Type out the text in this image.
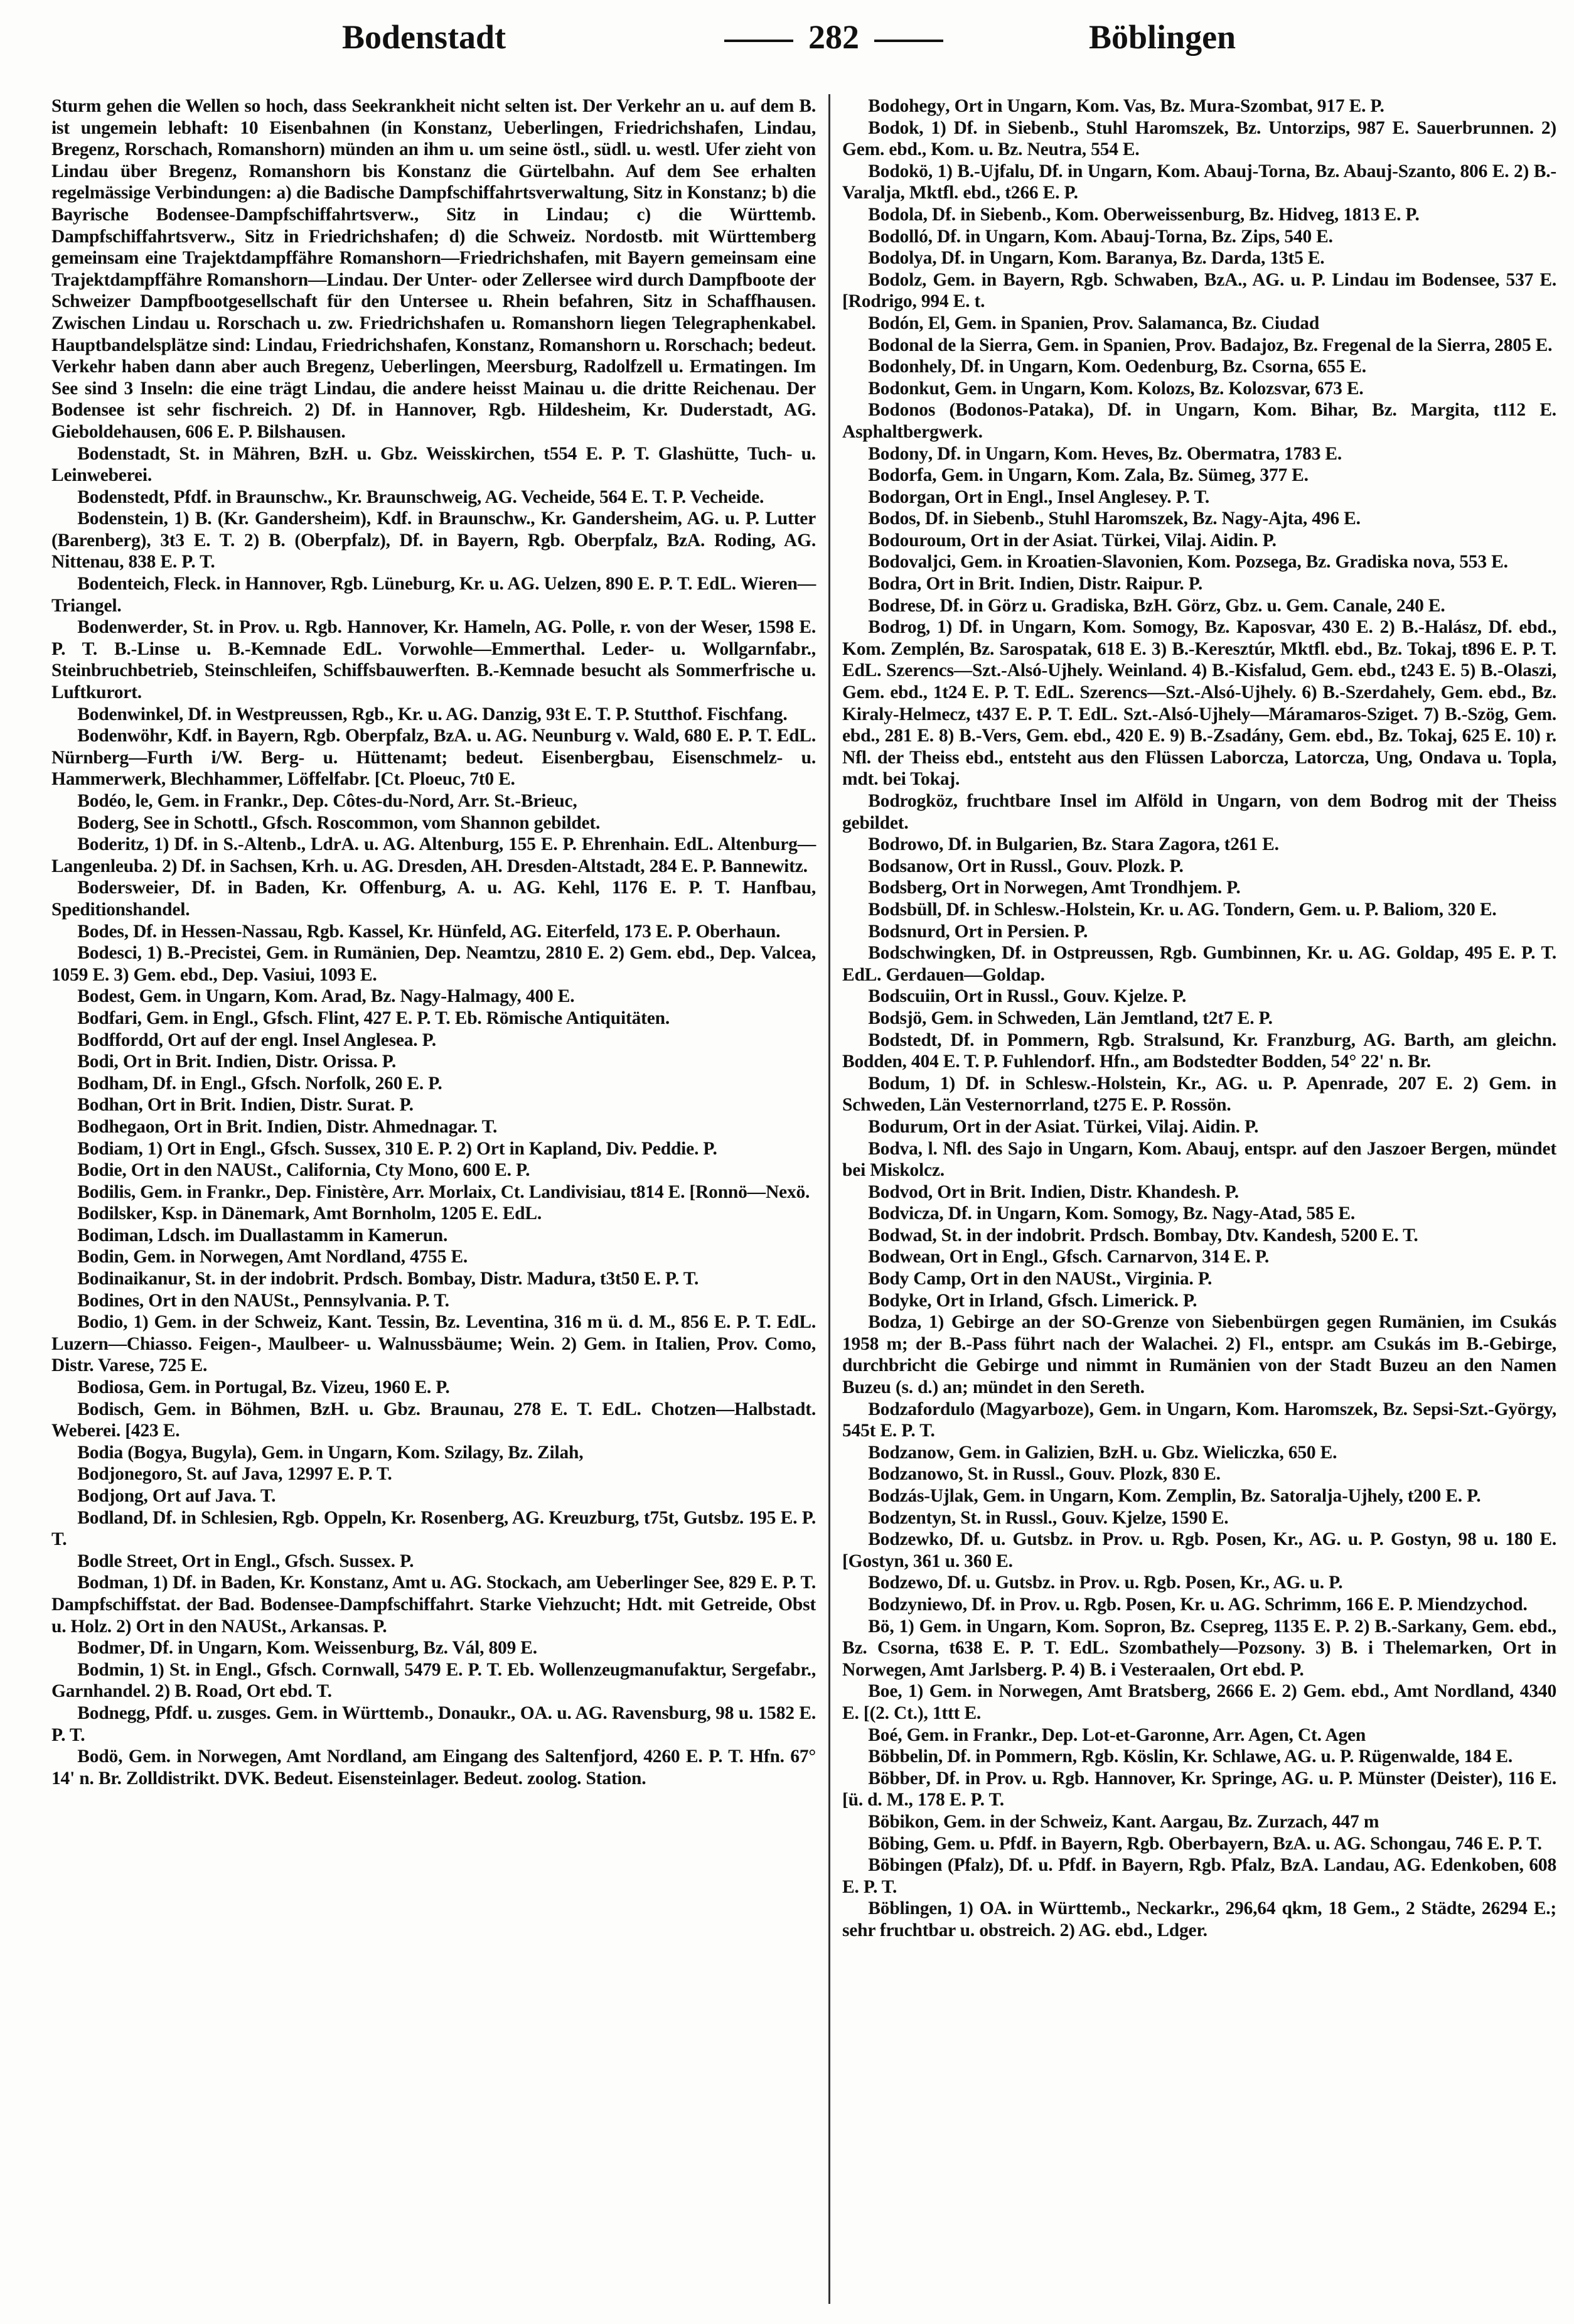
Bodenstadt	282	Böblingen

Sturm gehen die Wellen so hoch, dass Seekrankheit nicht selten ist. Der Verkehr an u. auf dem B. ist ungemein lebhaft: 10 Eisenbahnen (in Konstanz, Ueberlingen, Friedrichshafen, Lindau, Bregenz, Rorschach, Romanshorn) münden an ihm u. um seine östl., südl. u. westl. Ufer zieht von Lindau über Bregenz, Romanshorn bis Konstanz die Gürtelbahn. Auf dem See erhalten regelmässige Verbindungen: a) die Badische Dampfschiffahrtsverwaltung, Sitz in Konstanz; b) die Bayrische Bodensee-Dampfschiffahrtsverw., Sitz in Lindau; c) die Württemb. Dampfschiffahrtsverw., Sitz in Friedrichshafen; d) die Schweiz. Nordostb. mit Württemberg gemeinsam eine Trajektdampffähre Romanshorn—Friedrichshafen, mit Bayern gemeinsam eine Trajektdampffähre Romanshorn—Lindau. Der Unter- oder Zellersee wird durch Dampfboote der Schweizer Dampfbootgesellschaft für den Untersee u. Rhein befahren, Sitz in Schaffhausen. Zwischen Lindau u. Rorschach u. zw. Friedrichshafen u. Romanshorn liegen Telegraphenkabel. Hauptbandelsplätze sind: Lindau, Friedrichshafen, Konstanz, Romanshorn u. Rorschach; bedeut. Verkehr haben dann aber auch Bregenz, Ueberlingen, Meersburg, Radolfzell u. Ermatingen. Im See sind 3 Inseln: die eine trägt Lindau, die andere heisst Mainau u. die dritte Reichenau. Der Bodensee ist sehr fischreich. 2) Df. in Hannover, Rgb. Hildesheim, Kr. Duderstadt, AG. Gieboldehausen, 606 E. P. Bilshausen.

Bodenstadt, St. in Mähren, BzH. u. Gbz. Weisskirchen, t554 E. P. T. Glashütte, Tuch- u. Leinweberei.

Bodenstedt, Pfdf. in Braunschw., Kr. Braunschweig, AG. Vecheide, 564 E. T. P. Vecheide.

Bodenstein, 1) B. (Kr. Gandersheim), Kdf. in Braunschw., Kr. Gandersheim, AG. u. P. Lutter (Barenberg), 3t3 E. T. 2) B. (Oberpfalz), Df. in Bayern, Rgb. Oberpfalz, BzA. Roding, AG. Nittenau, 838 E. P. T.

Bodenteich, Fleck. in Hannover, Rgb. Lüneburg, Kr. u. AG. Uelzen, 890 E. P. T. EdL. Wieren—Triangel.

Bodenwerder, St. in Prov. u. Rgb. Hannover, Kr. Hameln, AG. Polle, r. von der Weser, 1598 E. P. T. B.-Linse u. B.-Kemnade EdL. Vorwohle—Emmerthal. Leder- u. Wollgarnfabr., Steinbruchbetrieb, Steinschleifen, Schiffsbauwerften. B.-Kemnade besucht als Sommerfrische u. Luftkurort.

Bodenwinkel, Df. in Westpreussen, Rgb., Kr. u. AG. Danzig, 93t E. T. P. Stutthof. Fischfang.

Bodenwöhr, Kdf. in Bayern, Rgb. Oberpfalz, BzA. u. AG. Neunburg v. Wald, 680 E. P. T. EdL. Nürnberg—Furth i/W. Berg- u. Hüttenamt; bedeut. Eisenbergbau, Eisenschmelz- u. Hammerwerk, Blechhammer, Löffelfabr. [Ct. Ploeuc, 7t0 E.

Bodéo, le, Gem. in Frankr., Dep. Côtes-du-Nord, Arr. St.-Brieuc,

Boderg, See in Schottl., Gfsch. Roscommon, vom Shannon gebildet.

Boderitz, 1) Df. in S.-Altenb., LdrA. u. AG. Altenburg, 155 E. P. Ehrenhain. EdL. Altenburg—Langenleuba. 2) Df. in Sachsen, Krh. u. AG. Dresden, AH. Dresden-Altstadt, 284 E. P. Bannewitz.

Bodersweier, Df. in Baden, Kr. Offenburg, A. u. AG. Kehl, 1176 E. P. T. Hanfbau, Speditionshandel.

Bodes, Df. in Hessen-Nassau, Rgb. Kassel, Kr. Hünfeld, AG. Eiterfeld, 173 E. P. Oberhaun.

Bodesci, 1) B.-Precistei, Gem. in Rumänien, Dep. Neamtzu, 2810 E. 2) Gem. ebd., Dep. Valcea, 1059 E. 3) Gem. ebd., Dep. Vasiui, 1093 E.

Bodest, Gem. in Ungarn, Kom. Arad, Bz. Nagy-Halmagy, 400 E.

Bodfari, Gem. in Engl., Gfsch. Flint, 427 E. P. T. Eb. Römische Antiquitäten.

Bodffordd, Ort auf der engl. Insel Anglesea. P.

Bodi, Ort in Brit. Indien, Distr. Orissa. P.

Bodham, Df. in Engl., Gfsch. Norfolk, 260 E. P.

Bodhan, Ort in Brit. Indien, Distr. Surat. P.

Bodhegaon, Ort in Brit. Indien, Distr. Ahmednagar. T.

Bodiam, 1) Ort in Engl., Gfsch. Sussex, 310 E. P. 2) Ort in Kapland, Div. Peddie. P.

Bodie, Ort in den NAUSt., California, Cty Mono, 600 E. P.

Bodilis, Gem. in Frankr., Dep. Finistère, Arr. Morlaix, Ct. Landivisiau, t814 E. [Ronnö—Nexö.

Bodilsker, Ksp. in Dänemark, Amt Bornholm, 1205 E. EdL.

Bodiman, Ldsch. im Duallastamm in Kamerun.

Bodin, Gem. in Norwegen, Amt Nordland, 4755 E.

Bodinaikanur, St. in der indobrit. Prdsch. Bombay, Distr. Madura, t3t50 E. P. T.

Bodines, Ort in den NAUSt., Pennsylvania. P. T.

Bodio, 1) Gem. in der Schweiz, Kant. Tessin, Bz. Leventina, 316 m ü. d. M., 856 E. P. T. EdL. Luzern—Chiasso. Feigen-, Maulbeer- u. Walnussbäume; Wein. 2) Gem. in Italien, Prov. Como, Distr. Varese, 725 E.

Bodiosa, Gem. in Portugal, Bz. Vizeu, 1960 E. P.

Bodisch, Gem. in Böhmen, BzH. u. Gbz. Braunau, 278 E. T. EdL. Chotzen—Halbstadt. Weberei. [423 E.

Bodia (Bogya, Bugyla), Gem. in Ungarn, Kom. Szilagy, Bz. Zilah,

Bodjonegoro, St. auf Java, 12997 E. P. T.

Bodjong, Ort auf Java. T.

Bodland, Df. in Schlesien, Rgb. Oppeln, Kr. Rosenberg, AG. Kreuzburg, t75t, Gutsbz. 195 E. P. T.

Bodle Street, Ort in Engl., Gfsch. Sussex. P.

Bodman, 1) Df. in Baden, Kr. Konstanz, Amt u. AG. Stockach, am Ueberlinger See, 829 E. P. T. Dampfschiffstat. der Bad. Bodensee-Dampfschiffahrt. Starke Viehzucht; Hdt. mit Getreide, Obst u. Holz. 2) Ort in den NAUSt., Arkansas. P.

Bodmer, Df. in Ungarn, Kom. Weissenburg, Bz. Vál, 809 E.

Bodmin, 1) St. in Engl., Gfsch. Cornwall, 5479 E. P. T. Eb. Wollenzeugmanufaktur, Sergefabr., Garnhandel. 2) B. Road, Ort ebd. T.

Bodnegg, Pfdf. u. zusges. Gem. in Württemb., Donaukr., OA. u. AG. Ravensburg, 98 u. 1582 E. P. T.

Bodö, Gem. in Norwegen, Amt Nordland, am Eingang des Saltenfjord, 4260 E. P. T. Hfn. 67° 14' n. Br. Zolldistrikt. DVK. Bedeut. Eisensteinlager. Bedeut. zoolog. Station.

Bodohegy, Ort in Ungarn, Kom. Vas, Bz. Mura-Szombat, 917 E. P.

Bodok, 1) Df. in Siebenb., Stuhl Haromszek, Bz. Untorzips, 987 E. Sauerbrunnen. 2) Gem. ebd., Kom. u. Bz. Neutra, 554 E.

Bodokö, 1) B.-Ujfalu, Df. in Ungarn, Kom. Abauj-Torna, Bz. Abauj-Szanto, 806 E. 2) B.-Varalja, Mktfl. ebd., t266 E. P.

Bodola, Df. in Siebenb., Kom. Oberweissenburg, Bz. Hidveg, 1813 E. P.

Bodolló, Df. in Ungarn, Kom. Abauj-Torna, Bz. Zips, 540 E.

Bodolya, Df. in Ungarn, Kom. Baranya, Bz. Darda, 13t5 E.

Bodolz, Gem. in Bayern, Rgb. Schwaben, BzA., AG. u. P. Lindau im Bodensee, 537 E. [Rodrigo, 994 E. t.

Bodón, El, Gem. in Spanien, Prov. Salamanca, Bz. Ciudad

Bodonal de la Sierra, Gem. in Spanien, Prov. Badajoz, Bz. Fregenal de la Sierra, 2805 E.

Bodonhely, Df. in Ungarn, Kom. Oedenburg, Bz. Csorna, 655 E.

Bodonkut, Gem. in Ungarn, Kom. Kolozs, Bz. Kolozsvar, 673 E.

Bodonos (Bodonos-Pataka), Df. in Ungarn, Kom. Bihar, Bz. Margita, t112 E. Asphaltbergwerk.

Bodony, Df. in Ungarn, Kom. Heves, Bz. Obermatra, 1783 E.

Bodorfa, Gem. in Ungarn, Kom. Zala, Bz. Sümeg, 377 E.

Bodorgan, Ort in Engl., Insel Anglesey. P. T.

Bodos, Df. in Siebenb., Stuhl Haromszek, Bz. Nagy-Ajta, 496 E.

Bodouroum, Ort in der Asiat. Türkei, Vilaj. Aidin. P.

Bodovaljci, Gem. in Kroatien-Slavonien, Kom. Pozsega, Bz. Gradiska nova, 553 E.

Bodra, Ort in Brit. Indien, Distr. Raipur. P.

Bodrese, Df. in Görz u. Gradiska, BzH. Görz, Gbz. u. Gem. Canale, 240 E.

Bodrog, 1) Df. in Ungarn, Kom. Somogy, Bz. Kaposvar, 430 E. 2) B.-Halász, Df. ebd., Kom. Zemplén, Bz. Sarospatak, 618 E. 3) B.-Keresztúr, Mktfl. ebd., Bz. Tokaj, t896 E. P. T. EdL. Szerencs—Szt.-Alsó-Ujhely. Weinland. 4) B.-Kisfalud, Gem. ebd., t243 E. 5) B.-Olaszi, Gem. ebd., 1t24 E. P. T. EdL. Szerencs—Szt.-Alsó-Ujhely. 6) B.-Szerdahely, Gem. ebd., Bz. Kiraly-Helmecz, t437 E. P. T. EdL. Szt.-Alsó-Ujhely—Máramaros-Sziget. 7) B.-Szög, Gem. ebd., 281 E. 8) B.-Vers, Gem. ebd., 420 E. 9) B.-Zsadány, Gem. ebd., Bz. Tokaj, 625 E. 10) r. Nfl. der Theiss ebd., entsteht aus den Flüssen Laborcza, Latorcza, Ung, Ondava u. Topla, mdt. bei Tokaj.

Bodrogköz, fruchtbare Insel im Alföld in Ungarn, von dem Bodrog mit der Theiss gebildet.

Bodrowo, Df. in Bulgarien, Bz. Stara Zagora, t261 E.

Bodsanow, Ort in Russl., Gouv. Plozk. P.

Bodsberg, Ort in Norwegen, Amt Trondhjem. P.

Bodsbüll, Df. in Schlesw.-Holstein, Kr. u. AG. Tondern, Gem. u. P. Baliom, 320 E.

Bodsnurd, Ort in Persien. P.

Bodschwingken, Df. in Ostpreussen, Rgb. Gumbinnen, Kr. u. AG. Goldap, 495 E. P. T. EdL. Gerdauen—Goldap.

Bodscuiin, Ort in Russl., Gouv. Kjelze. P.

Bodsjö, Gem. in Schweden, Län Jemtland, t2t7 E. P.

Bodstedt, Df. in Pommern, Rgb. Stralsund, Kr. Franzburg, AG. Barth, am gleichn. Bodden, 404 E. T. P. Fuhlendorf. Hfn., am Bodstedter Bodden, 54° 22' n. Br.

Bodum, 1) Df. in Schlesw.-Holstein, Kr., AG. u. P. Apenrade, 207 E. 2) Gem. in Schweden, Län Vesternorrland, t275 E. P. Rossön.

Bodurum, Ort in der Asiat. Türkei, Vilaj. Aidin. P.

Bodva, l. Nfl. des Sajo in Ungarn, Kom. Abauj, entspr. auf den Jaszoer Bergen, mündet bei Miskolcz.

Bodvod, Ort in Brit. Indien, Distr. Khandesh. P.

Bodvicza, Df. in Ungarn, Kom. Somogy, Bz. Nagy-Atad, 585 E.

Bodwad, St. in der indobrit. Prdsch. Bombay, Dtv. Kandesh, 5200 E. T.

Bodwean, Ort in Engl., Gfsch. Carnarvon, 314 E. P.

Body Camp, Ort in den NAUSt., Virginia. P.

Bodyke, Ort in Irland, Gfsch. Limerick. P.

Bodza, 1) Gebirge an der SO-Grenze von Siebenbürgen gegen Rumänien, im Csukás 1958 m; der B.-Pass führt nach der Walachei. 2) Fl., entspr. am Csukás im B.-Gebirge, durchbricht die Gebirge und nimmt in Rumänien von der Stadt Buzeu an den Namen Buzeu (s. d.) an; mündet in den Sereth.

Bodzafordulo (Magyarboze), Gem. in Ungarn, Kom. Haromszek, Bz. Sepsi-Szt.-György, 545t E. P. T.

Bodzanow, Gem. in Galizien, BzH. u. Gbz. Wieliczka, 650 E.

Bodzanowo, St. in Russl., Gouv. Plozk, 830 E.

Bodzás-Ujlak, Gem. in Ungarn, Kom. Zemplin, Bz. Satoralja-Ujhely, t200 E. P.

Bodzentyn, St. in Russl., Gouv. Kjelze, 1590 E.

Bodzewko, Df. u. Gutsbz. in Prov. u. Rgb. Posen, Kr., AG. u. P. Gostyn, 98 u. 180 E. [Gostyn, 361 u. 360 E.

Bodzewo, Df. u. Gutsbz. in Prov. u. Rgb. Posen, Kr., AG. u. P.

Bodzyniewo, Df. in Prov. u. Rgb. Posen, Kr. u. AG. Schrimm, 166 E. P. Miendzychod.

Bö, 1) Gem. in Ungarn, Kom. Sopron, Bz. Csepreg, 1135 E. P. 2) B.-Sarkany, Gem. ebd., Bz. Csorna, t638 E. P. T. EdL. Szombathely—Pozsony. 3) B. i Thelemarken, Ort in Norwegen, Amt Jarlsberg. P. 4) B. i Vesteraalen, Ort ebd. P.

Boe, 1) Gem. in Norwegen, Amt Bratsberg, 2666 E. 2) Gem. ebd., Amt Nordland, 4340 E. [(2. Ct.), 1ttt E.

Boé, Gem. in Frankr., Dep. Lot-et-Garonne, Arr. Agen, Ct. Agen

Böbbelin, Df. in Pommern, Rgb. Köslin, Kr. Schlawe, AG. u. P. Rügenwalde, 184 E.

Böbber, Df. in Prov. u. Rgb. Hannover, Kr. Springe, AG. u. P. Münster (Deister), 116 E. [ü. d. M., 178 E. P. T.

Böbikon, Gem. in der Schweiz, Kant. Aargau, Bz. Zurzach, 447 m

Böbing, Gem. u. Pfdf. in Bayern, Rgb. Oberbayern, BzA. u. AG. Schongau, 746 E. P. T.

Böbingen (Pfalz), Df. u. Pfdf. in Bayern, Rgb. Pfalz, BzA. Landau, AG. Edenkoben, 608 E. P. T.

Böblingen, 1) OA. in Württemb., Neckarkr., 296,64 qkm, 18 Gem., 2 Städte, 26294 E.; sehr fruchtbar u. obstreich. 2) AG. ebd., Ldger.
